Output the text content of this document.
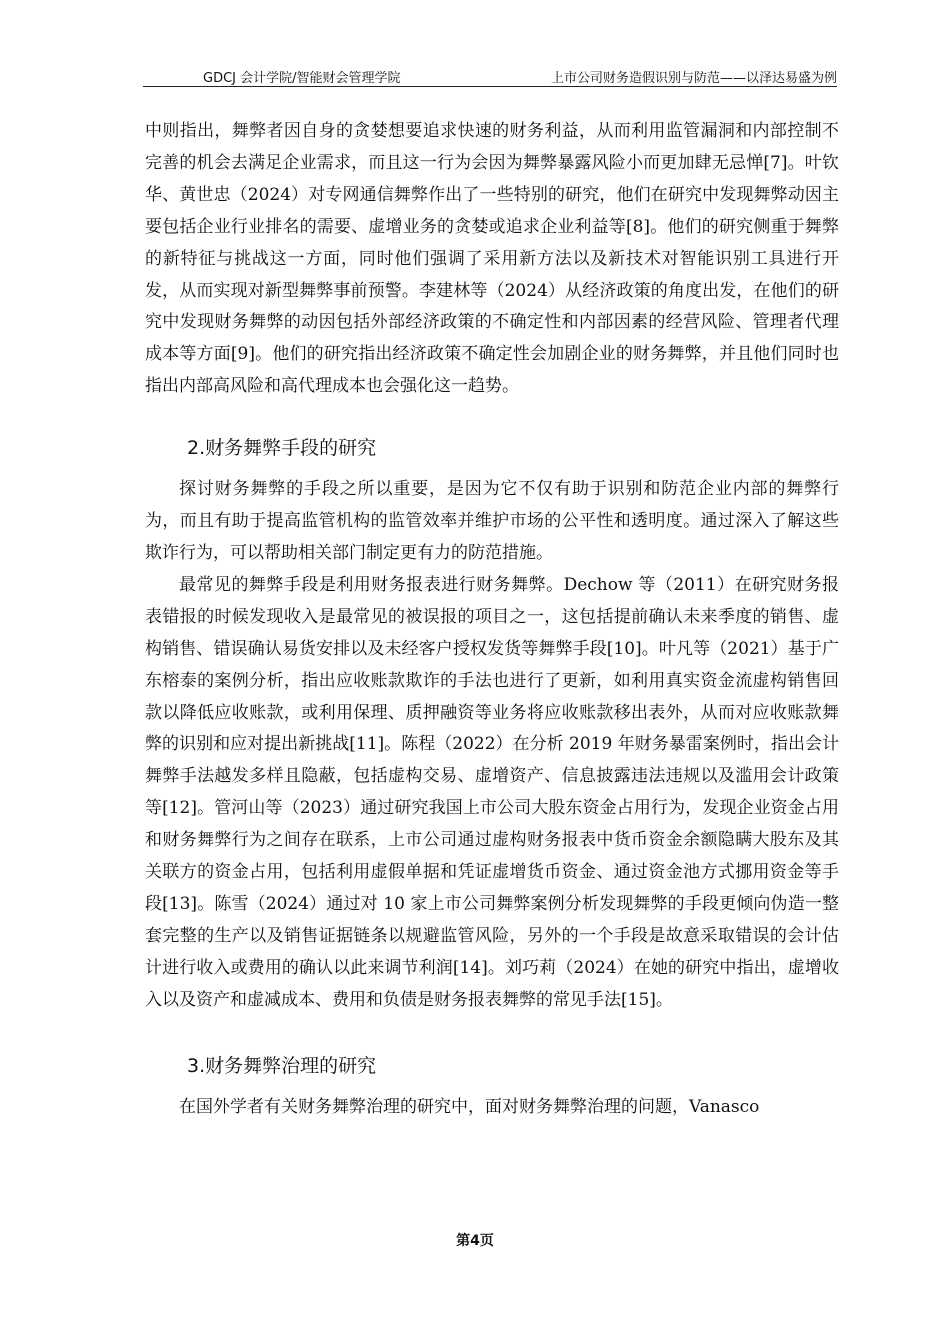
GDCJ 会计学院/智能财会管理学院	上市公司财务造假识别与防范——以泽达易盛为例

中则指出，舞弊者因自身的贪婪想要追求快速的财务利益，从而利用监管漏洞和内部控制不完善的机会去满足企业需求，而且这一行为会因为舞弊暴露风险小而更加肆无忌惮[7]。叶钦华、黄世忠（2024）对专网通信舞弊作出了一些特别的研究，他们在研究中发现舞弊动因主要包括企业行业排名的需要、虚增业务的贪婪或追求企业利益等[8]。他们的研究侧重于舞弊的新特征与挑战这一方面，同时他们强调了采用新方法以及新技术对智能识别工具进行开发，从而实现对新型舞弊事前预警。李建林等（2024）从经济政策的角度出发，在他们的研究中发现财务舞弊的动因包括外部经济政策的不确定性和内部因素的经营风险、管理者代理成本等方面[9]。他们的研究指出经济政策不确定性会加剧企业的财务舞弊，并且他们同时也指出内部高风险和高代理成本也会强化这一趋势。

2.财务舞弊手段的研究

探讨财务舞弊的手段之所以重要，是因为它不仅有助于识别和防范企业内部的舞弊行为，而且有助于提高监管机构的监管效率并维护市场的公平性和透明度。通过深入了解这些欺诈行为，可以帮助相关部门制定更有力的防范措施。

最常见的舞弊手段是利用财务报表进行财务舞弊。Dechow 等（2011）在研究财务报表错报的时候发现收入是最常见的被误报的项目之一，这包括提前确认未来季度的销售、虚构销售、错误确认易货安排以及未经客户授权发货等舞弊手段[10]。叶凡等（2021）基于广东榕泰的案例分析，指出应收账款欺诈的手法也进行了更新，如利用真实资金流虚构销售回款以降低应收账款，或利用保理、质押融资等业务将应收账款移出表外，从而对应收账款舞弊的识别和应对提出新挑战[11]。陈程（2022）在分析 2019 年财务暴雷案例时，指出会计舞弊手法越发多样且隐蔽，包括虚构交易、虚增资产、信息披露违法违规以及滥用会计政策等[12]。管河山等（2023）通过研究我国上市公司大股东资金占用行为，发现企业资金占用和财务舞弊行为之间存在联系，上市公司通过虚构财务报表中货币资金余额隐瞒大股东及其关联方的资金占用，包括利用虚假单据和凭证虚增货币资金、通过资金池方式挪用资金等手段[13]。陈雪（2024）通过对 10 家上市公司舞弊案例分析发现舞弊的手段更倾向伪造一整套完整的生产以及销售证据链条以规避监管风险，另外的一个手段是故意采取错误的会计估计进行收入或费用的确认以此来调节利润[14]。刘巧莉（2024）在她的研究中指出，虚增收入以及资产和虚减成本、费用和负债是财务报表舞弊的常见手法[15]。

3.财务舞弊治理的研究

在国外学者有关财务舞弊治理的研究中，面对财务舞弊治理的问题，Vanasco

第4页
